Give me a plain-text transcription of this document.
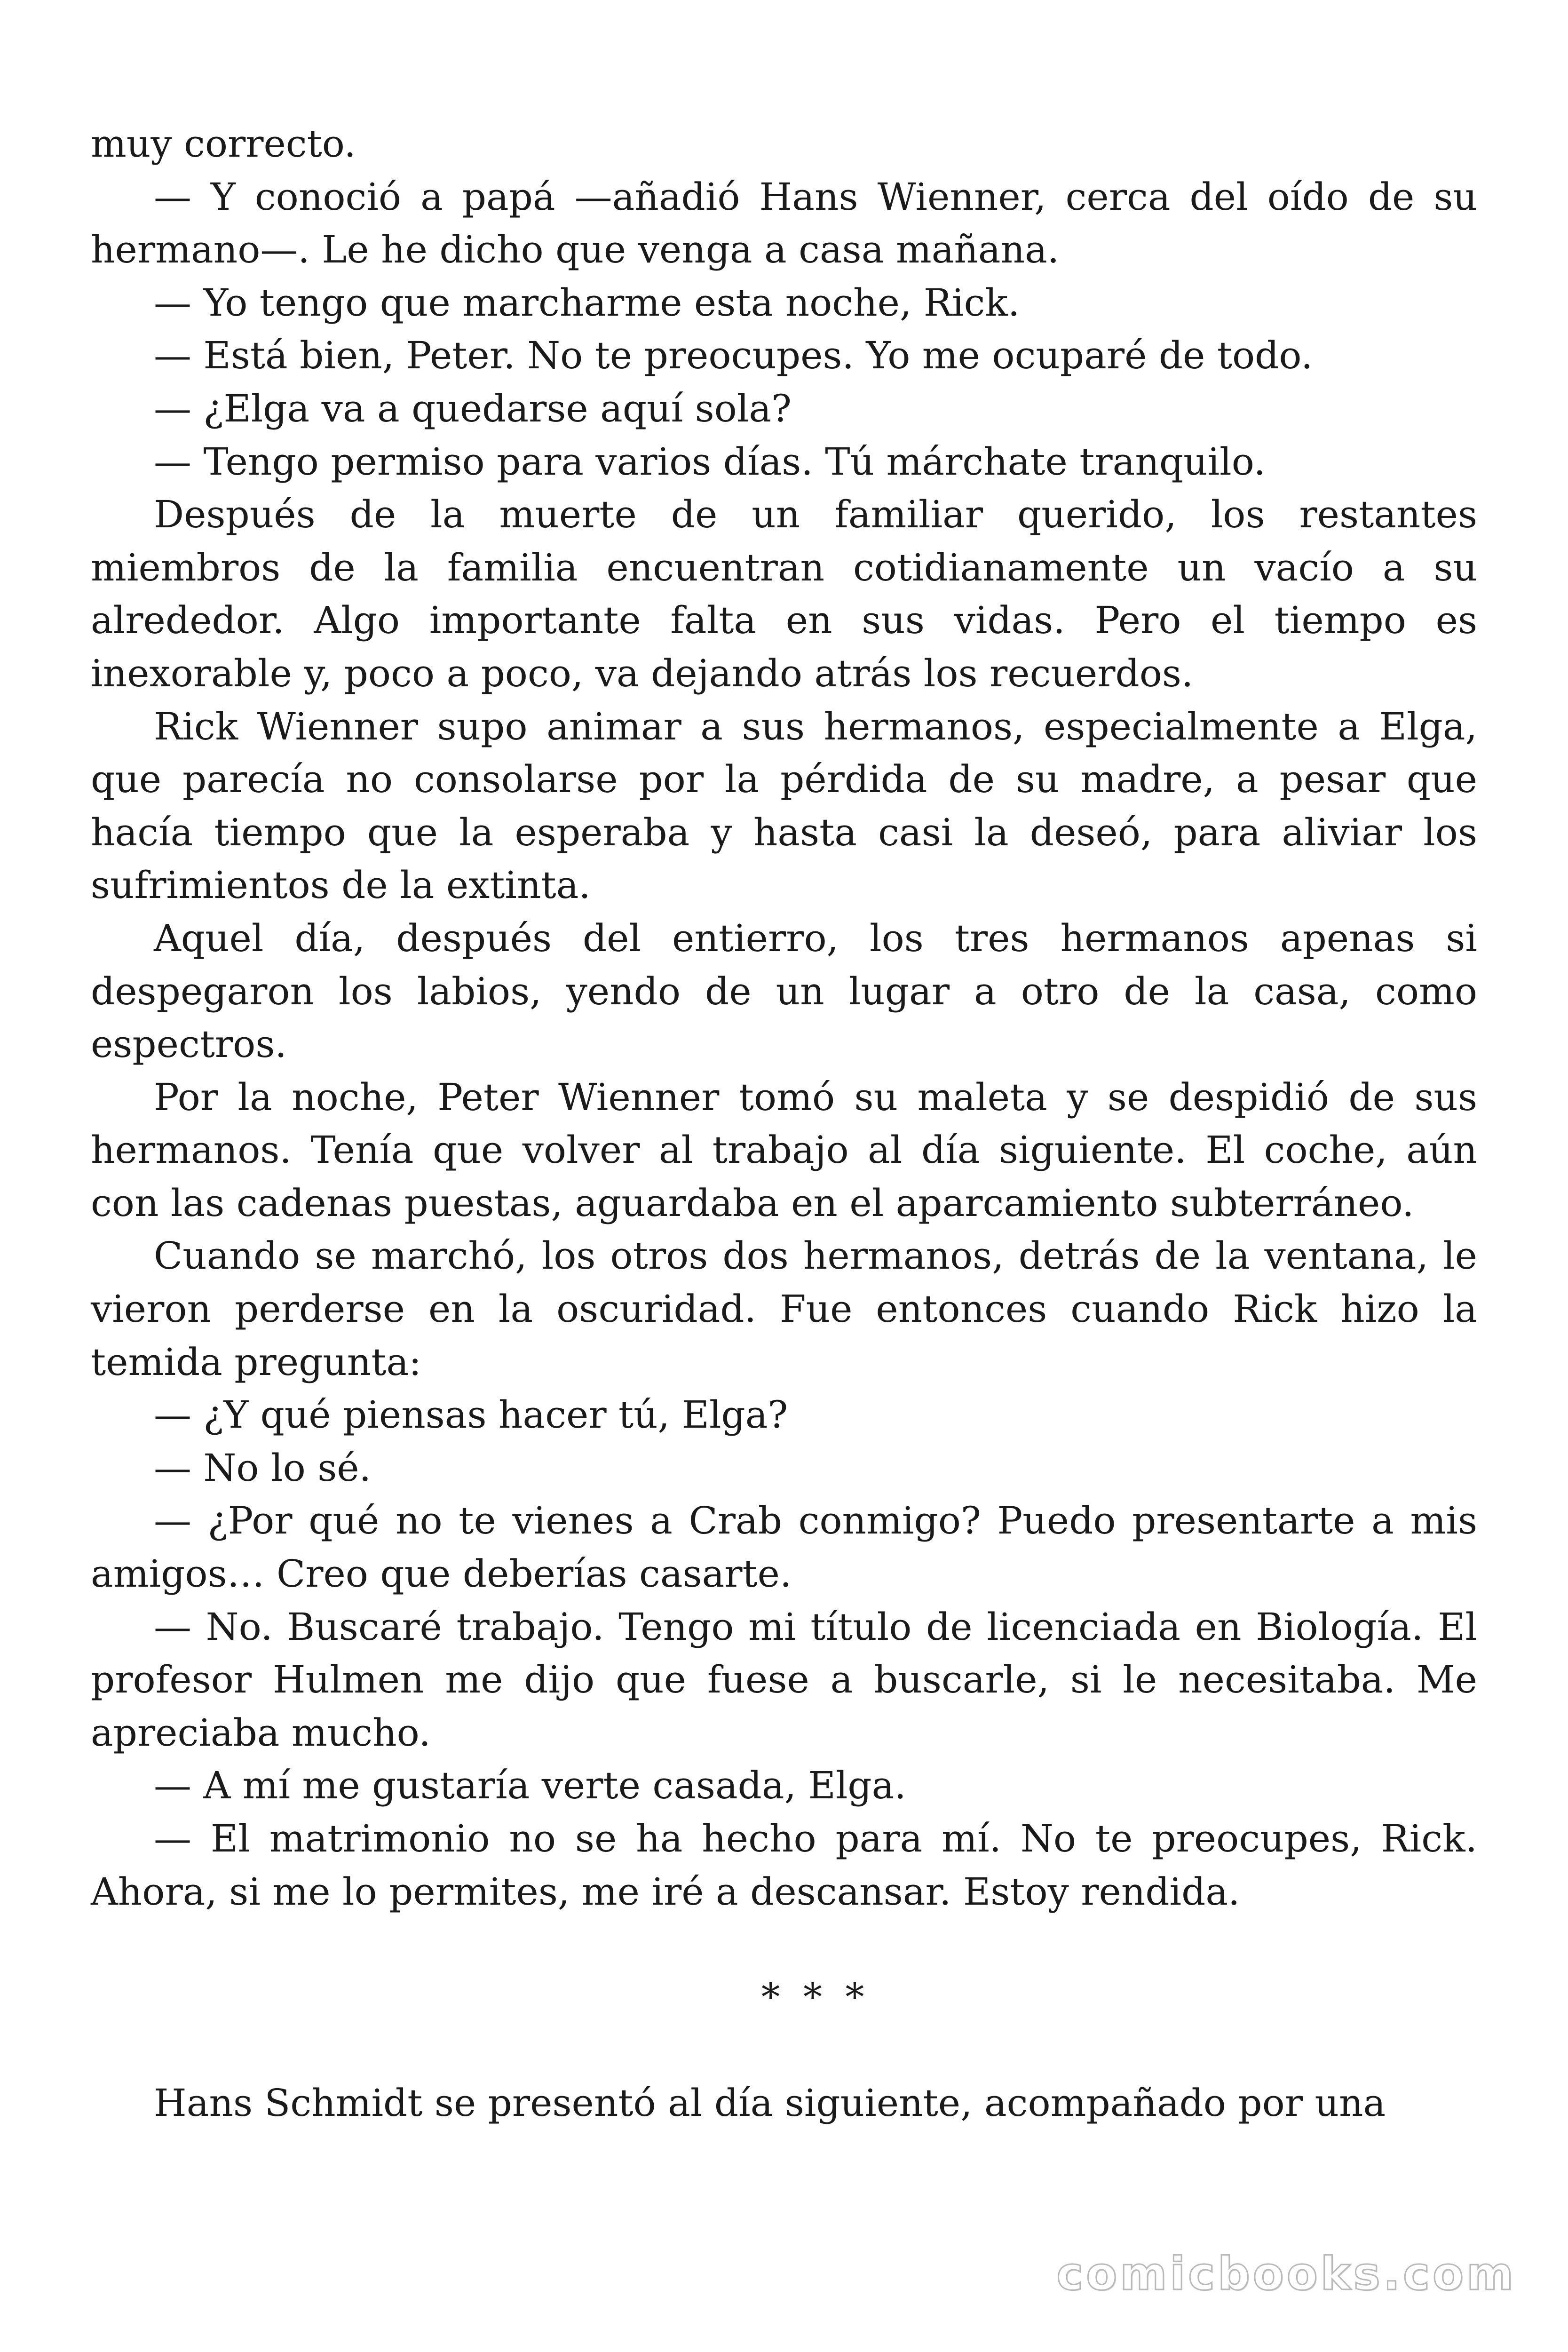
muy correcto.

— Y conoció a papá —añadió Hans Wienner, cerca del oído de su hermano—. Le he dicho que venga a casa mañana.

— Yo tengo que marcharme esta noche, Rick.

— Está bien, Peter. No te preocupes. Yo me ocuparé de todo.

— ¿Elga va a quedarse aquí sola?

— Tengo permiso para varios días. Tú márchate tranquilo.

Después de la muerte de un familiar querido, los restantes miembros de la familia encuentran cotidianamente un vacío a su alrededor. Algo importante falta en sus vidas. Pero el tiempo es inexorable y, poco a poco, va dejando atrás los recuerdos.

Rick Wienner supo animar a sus hermanos, especialmente a Elga, que parecía no consolarse por la pérdida de su madre, a pesar que hacía tiempo que la esperaba y hasta casi la deseó, para aliviar los sufrimientos de la extinta.

Aquel día, después del entierro, los tres hermanos apenas si despegaron los labios, yendo de un lugar a otro de la casa, como espectros.

Por la noche, Peter Wienner tomó su maleta y se despidió de sus hermanos. Tenía que volver al trabajo al día siguiente. El coche, aún con las cadenas puestas, aguardaba en el aparcamiento subterráneo.

Cuando se marchó, los otros dos hermanos, detrás de la ventana, le vieron perderse en la oscuridad. Fue entonces cuando Rick hizo la temida pregunta:

— ¿Y qué piensas hacer tú, Elga?

— No lo sé.

— ¿Por qué no te vienes a Crab conmigo? Puedo presentarte a mis amigos… Creo que deberías casarte.

— No. Buscaré trabajo. Tengo mi título de licenciada en Biología. El profesor Hulmen me dijo que fuese a buscarle, si le necesitaba. Me apreciaba mucho.

— A mí me gustaría verte casada, Elga.

— El matrimonio no se ha hecho para mí. No te preocupes, Rick. Ahora, si me lo permites, me iré a descansar. Estoy rendida.

* * *

Hans Schmidt se presentó al día siguiente, acompañado por una

comicbooks.com
